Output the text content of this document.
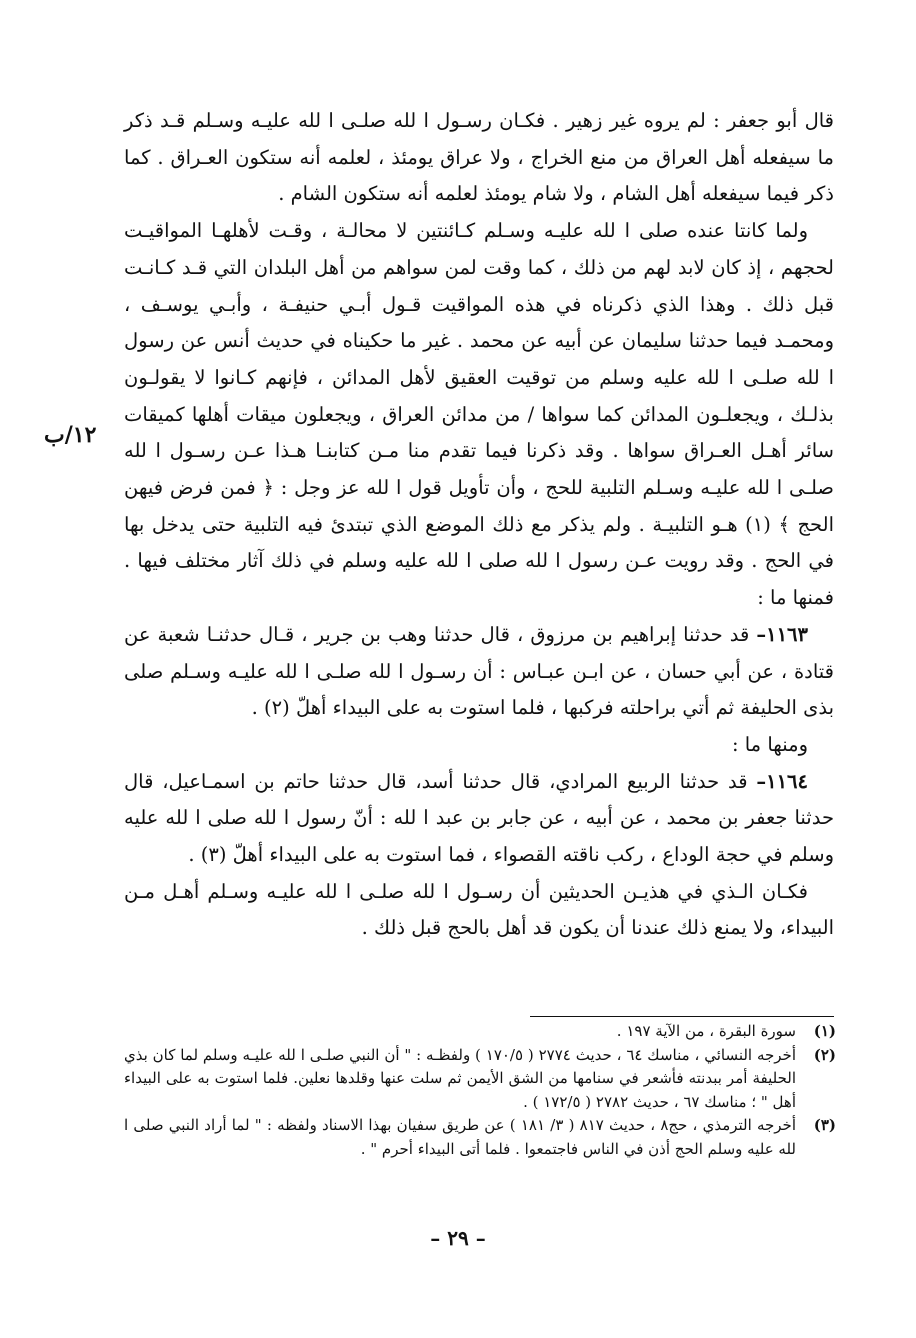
قال أبو جعفر : لم يروه غير زهير . فكـان رسـول ا لله صلـى ا لله عليـه وسـلم قـد ذكر ما سيفعله أهل العراق من منع الخراج ، ولا عراق يومئذ ، لعلمه أنه ستكون العـراق . كما ذكر فيما سيفعله أهل الشام ، ولا شام يومئذ لعلمه أنه ستكون الشام .

ولما كانتا عنده صلى ا لله عليـه وسـلم كـائنتين لا محالـة ، وقـت لأهلهـا المواقيـت لحجهم ، إذ كان لابد لهم من ذلك ، كما وقت لمن سواهم من أهل البلدان التي قـد كـانـت قبل ذلك . وهذا الذي ذكرناه في هذه المواقيت قـول أبـي حنيفـة ، وأبـي يوسـف ، ومحمـد فيما حدثنا سليمان عن أبيه عن محمد . غير ما حكيناه في حديث أنس عن رسول ا لله صلـى ا لله عليه وسلم من توقيت العقيق لأهل المدائن ، فإنهم كـانوا لا يقولـون بذلـك ، ويجعلـون المدائن كما سواها / من مدائن العراق ، ويجعلون ميقات أهلها كميقات سائر أهـل العـراق سواها . وقد ذكرنا فيما تقدم منا مـن كتابنـا هـذا عـن رسـول ا لله صلـى ا لله عليـه وسـلم التلبية للحج ، وأن تأويل قول ا لله عز وجل : ﴿ فمن فرض فيهن الحج ﴾ (١) هـو التلبيـة . ولم يذكر مع ذلك الموضع الذي تبتدئ فيه التلبية حتى يدخل بها في الحج . وقد رويت عـن رسول ا لله صلى ا لله عليه وسلم في ذلك آثار مختلف فيها . فمنها ما :

١١٦٣– قد حدثنا إبراهيم بن مرزوق ، قال حدثنا وهب بن جرير ، قـال حدثنـا شعبة عن قتادة ، عن أبي حسان ، عن ابـن عبـاس : أن رسـول ا لله صلـى ا لله عليـه وسـلم صلى بذى الحليفة ثم أتي براحلته فركبها ، فلما استوت به على البيداء أهلّ (٢) .

ومنها ما :

١١٦٤– قد حدثنا الربيع المرادي، قال حدثنا أسد، قال حدثنا حاتم بن اسمـاعيل، قال حدثنا جعفر بن محمد ، عن أبيه ، عن جابر بن عبد ا لله : أنّ رسول ا لله صلى ا لله عليه وسلم في حجة الوداع ، ركب ناقته القصواء ، فما استوت به على البيداء أهلّ (٣) .

فكـان الـذي في هذيـن الحديثين أن رسـول ا لله صلـى ا لله عليـه وسـلم أهـل مـن البيداء، ولا يمنع ذلك عندنا أن يكون قد أهل بالحج قبل ذلك .

١٢/ب
(١)
سورة البقرة ، من الآية ١٩٧ .
(٢)
أخرجه النسائي ، مناسك ٦٤ ، حديث ٢٧٧٤ ( ١٧٠/٥ ) ولفظـه : " أن النبي صلـى ا لله عليـه وسلم لما كان بذي الحليفة أمر ببدنته فأشعر في سنامها من الشق الأيمن ثم سلت عنها وقلدها نعلين. فلما استوت به على البيداء أهل " ؛ مناسك ٦٧ ، حديث ٢٧٨٢ ( ١٧٢/٥ ) .
(٣)
أخرجه الترمذي ، حج٨ ، حديث ٨١٧ ( ٣/ ١٨١ ) عن طريق سفيان بهذا الاسناد ولفظه : " لما أراد النبي صلى ا لله عليه وسلم الحج أذن في الناس فاجتمعوا . فلما أتى البيداء أحرم " .
– ٢٩ –
